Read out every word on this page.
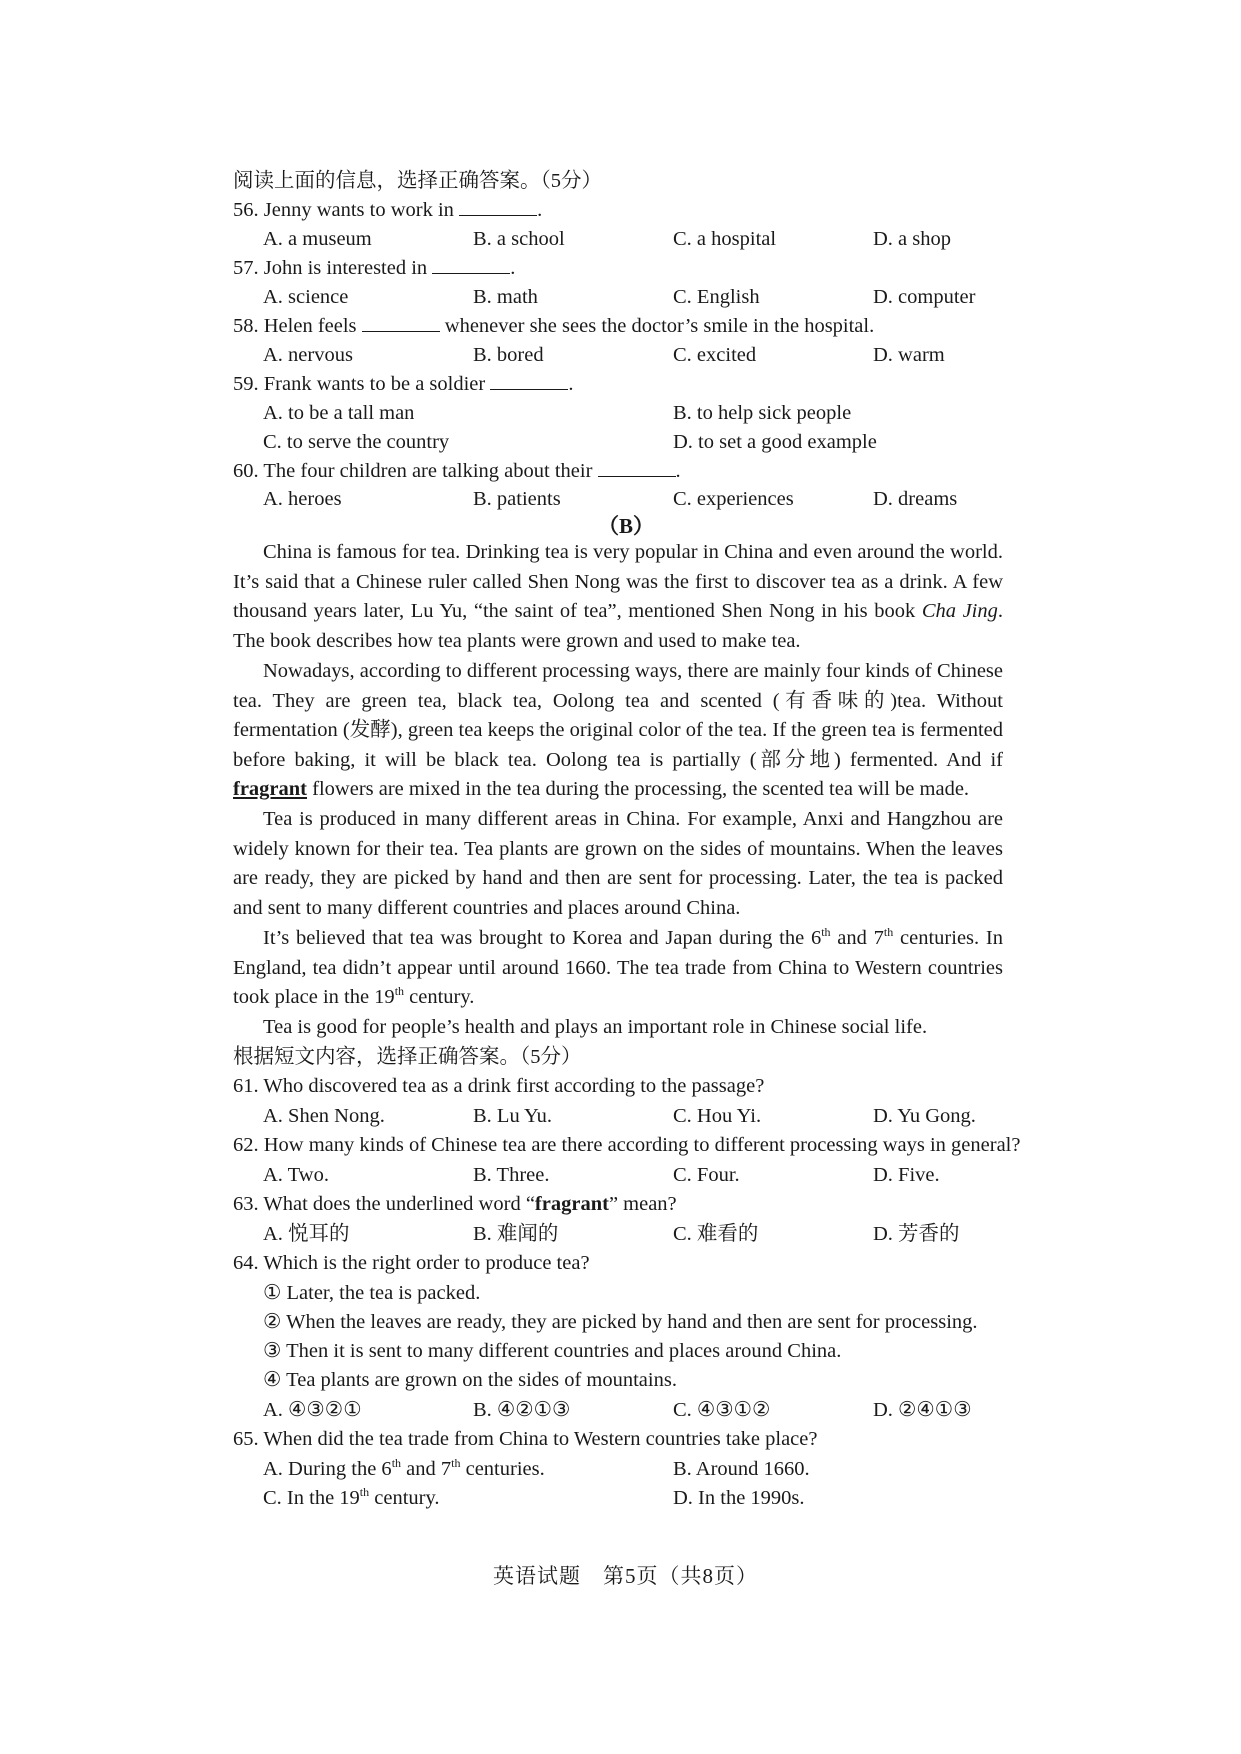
阅读上面的信息，选择正确答案。（5分）
56. Jenny wants to work in	.
A. a museum	B. a school	C. a hospital	D. a shop
57. John is interested in	.
A. science	B. math	C. English	D. computer
58. Helen feels	whenever she sees the doctor’s smile in the hospital.
A. nervous	B. bored	C. excited	D. warm
59. Frank wants to be a soldier	.
A. to be a tall man	B. to help sick people
C. to serve the country	D. to set a good example
60. The four children are talking about their	.
A. heroes	B. patients	C. experiences	D. dreams
（B）
China is famous for tea. Drinking tea is very popular in China and even around the world. It’s said that a Chinese ruler called Shen Nong was the first to discover tea as a drink. A few thousand years later, Lu Yu, “the saint of tea”, mentioned Shen Nong in his book Cha Jing. The book describes how tea plants were grown and used to make tea.
Nowadays, according to different processing ways, there are mainly four kinds of Chinese tea. They are green tea, black tea, Oolong tea and scented (有香味的)tea. Without fermentation (发酵), green tea keeps the original color of the tea. If the green tea is fermented before baking, it will be black tea. Oolong tea is partially (部分地) fermented. And if fragrant flowers are mixed in the tea during the processing, the scented tea will be made.
Tea is produced in many different areas in China. For example, Anxi and Hangzhou are widely known for their tea. Tea plants are grown on the sides of mountains. When the leaves are ready, they are picked by hand and then are sent for processing. Later, the tea is packed and sent to many different countries and places around China.
It’s believed that tea was brought to Korea and Japan during the 6th and 7th centuries. In England, tea didn’t appear until around 1660. The tea trade from China to Western countries took place in the 19th century.
Tea is good for people’s health and plays an important role in Chinese social life.
根据短文内容，选择正确答案。（5分）
61. Who discovered tea as a drink first according to the passage?
A. Shen Nong.	B. Lu Yu.	C. Hou Yi.	D. Yu Gong.
62. How many kinds of Chinese tea are there according to different processing ways in general?
A. Two.	B. Three.	C. Four.	D. Five.
63. What does the underlined word “fragrant” mean?
A. 悦耳的	B. 难闻的	C. 难看的	D. 芳香的
64. Which is the right order to produce tea?
① Later, the tea is packed.
② When the leaves are ready, they are picked by hand and then are sent for processing.
③ Then it is sent to many different countries and places around China.
④ Tea plants are grown on the sides of mountains.
A. ④③②①	B. ④②①③	C. ④③①②	D. ②④①③
65. When did the tea trade from China to Western countries take place?
A. During the 6th and 7th centuries.	B. Around 1660.
C. In the 19th century.	D. In the 1990s.
英语试题　第5页（共8页）
